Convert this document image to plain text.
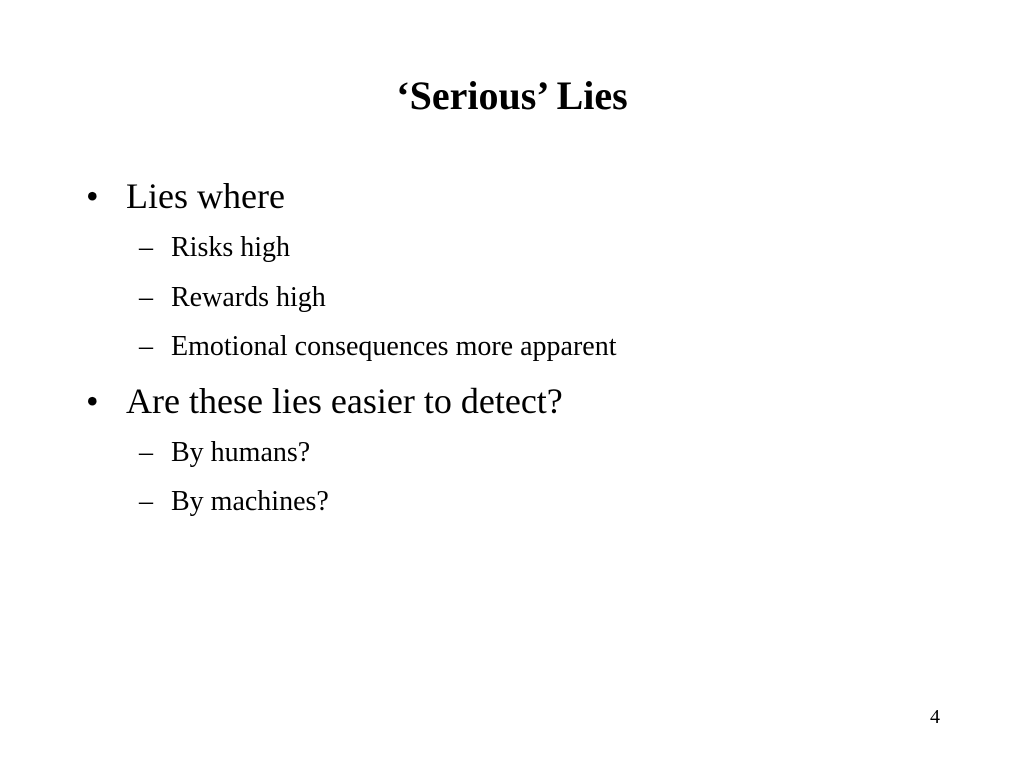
‘Serious’ Lies
• Lies where
– Risks high
– Rewards high
– Emotional consequences more apparent
• Are these lies easier to detect?
– By humans?
– By machines?
4
